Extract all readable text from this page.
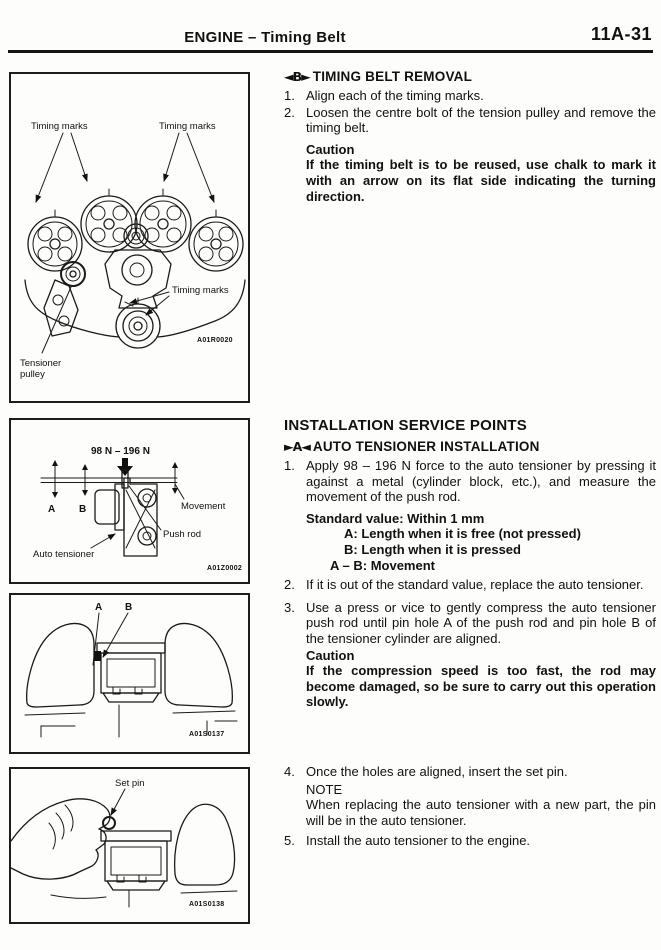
ENGINE – Timing Belt	11A-31
Timing marks	Timing marks
Timing marks
Tensioner
pulley
A01R0020
98 N – 196 N
A B	Movement
Push rod
Auto tensioner
A01Z0002
A B
A01S0137
Set pin
A01S0138
◄B► TIMING BELT REMOVAL
1. Align each of the timing marks.
2. Loosen the centre bolt of the tension pulley and remove the timing belt.
Caution
If the timing belt is to be reused, use chalk to mark it with an arrow on its flat side indicating the turning direction.
INSTALLATION SERVICE POINTS
►A◄ AUTO TENSIONER INSTALLATION
1. Apply 98 – 196 N force to the auto tensioner by pressing it against a metal (cylinder block, etc.), and measure the movement of the push rod.
Standard value: Within 1 mm
A: Length when it is free (not pressed)
B: Length when it is pressed
A – B: Movement
2. If it is out of the standard value, replace the auto tensioner.
3. Use a press or vice to gently compress the auto tensioner push rod until pin hole A of the push rod and pin hole B of the tensioner cylinder are aligned.
Caution
If the compression speed is too fast, the rod may become damaged, so be sure to carry out this operation slowly.
4. Once the holes are aligned, insert the set pin.
NOTE
When replacing the auto tensioner with a new part, the pin will be in the auto tensioner.
5. Install the auto tensioner to the engine.
